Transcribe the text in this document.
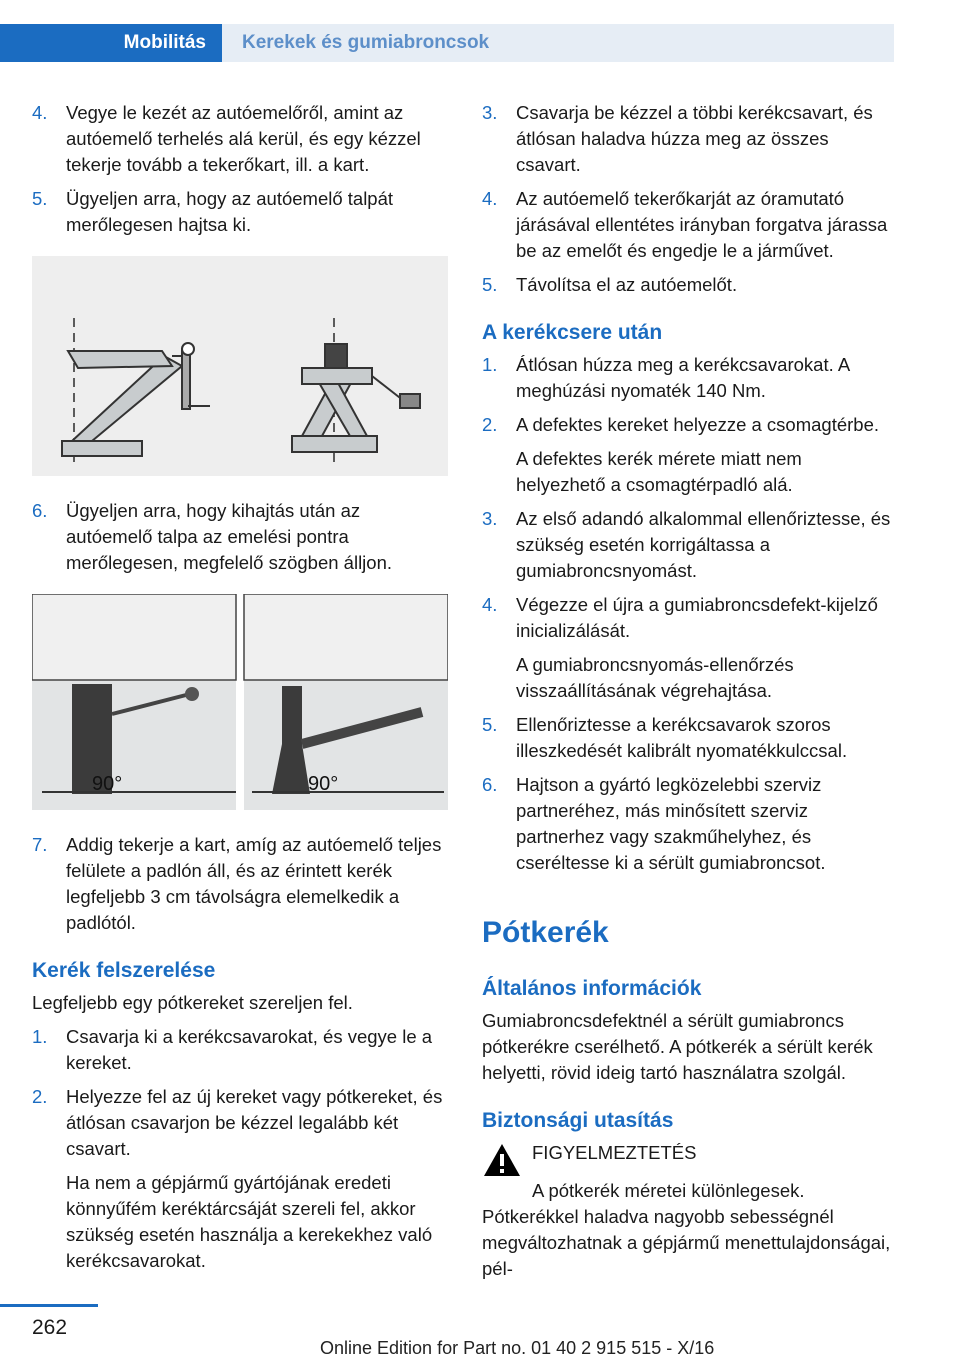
Mobilitás	Kerekek és gumiabroncsok
4.	Vegye le kezét az autóemelőről, amint az autóemelő terhelés alá kerül, és egy kézzel tekerje tovább a tekerőkart, ill. a kart.
5.	Ügyeljen arra, hogy az autóemelő talpát merőlegesen hajtsa ki.
6.	Ügyeljen arra, hogy kihajtás után az autóemelő talpa az emelési pontra merőlegesen, megfelelő szögben álljon.
90°	90°
7.	Addig tekerje a kart, amíg az autóemelő teljes felülete a padlón áll, és az érintett kerék legfeljebb 3 cm távolságra elemelkedik a padlótól.
Kerék felszerelése
Legfeljebb egy pótkereket szereljen fel.
1.	Csavarja ki a kerékcsavarokat, és vegye le a kereket.
2.	Helyezze fel az új kereket vagy pótkereket, és átlósan csavarjon be kézzel legalább két csavart.
Ha nem a gépjármű gyártójának eredeti könnyűfém keréktárcsáját szereli fel, akkor szükség esetén használja a kerekekhez való kerékcsavarokat.
3.	Csavarja be kézzel a többi kerékcsavart, és átlósan haladva húzza meg az összes csavart.
4.	Az autóemelő tekerőkarját az óramutató járásával ellentétes irányban forgatva járassa be az emelőt és engedje le a járművet.
5.	Távolítsa el az autóemelőt.
A kerékcsere után
1.	Átlósan húzza meg a kerékcsavarokat. A meghúzási nyomaték 140 Nm.
2.	A defektes kereket helyezze a csomagtérbe.
A defektes kerék mérete miatt nem helyezhető a csomagtérpadló alá.
3.	Az első adandó alkalommal ellenőriztesse, és szükség esetén korrigáltassa a gumiabroncsnyomást.
4.	Végezze el újra a gumiabroncsdefekt-kijelző inicializálását.
A gumiabroncsnyomás-ellenőrzés visszaállításának végrehajtása.
5.	Ellenőriztesse a kerékcsavarok szoros illeszkedését kalibrált nyomatékkulccsal.
6.	Hajtson a gyártó legközelebbi szerviz partneréhez, más minősített szerviz partnerhez vagy szakműhelyhez, és cseréltesse ki a sérült gumiabroncsot.
Pótkerék
Általános információk
Gumiabroncsdefektnél a sérült gumiabroncs pótkerékre cserélhető. A pótkerék a sérült kerék helyetti, rövid ideig tartó használatra szolgál.
Biztonsági utasítás
FIGYELMEZTETÉS
A pótkerék méretei különlegesek. Pótkerékkel haladva nagyobb sebességnél megváltozhatnak a gépjármű menettulajdonságai, pél-
262
Online Edition for Part no. 01 40 2 915 515 - X/16
